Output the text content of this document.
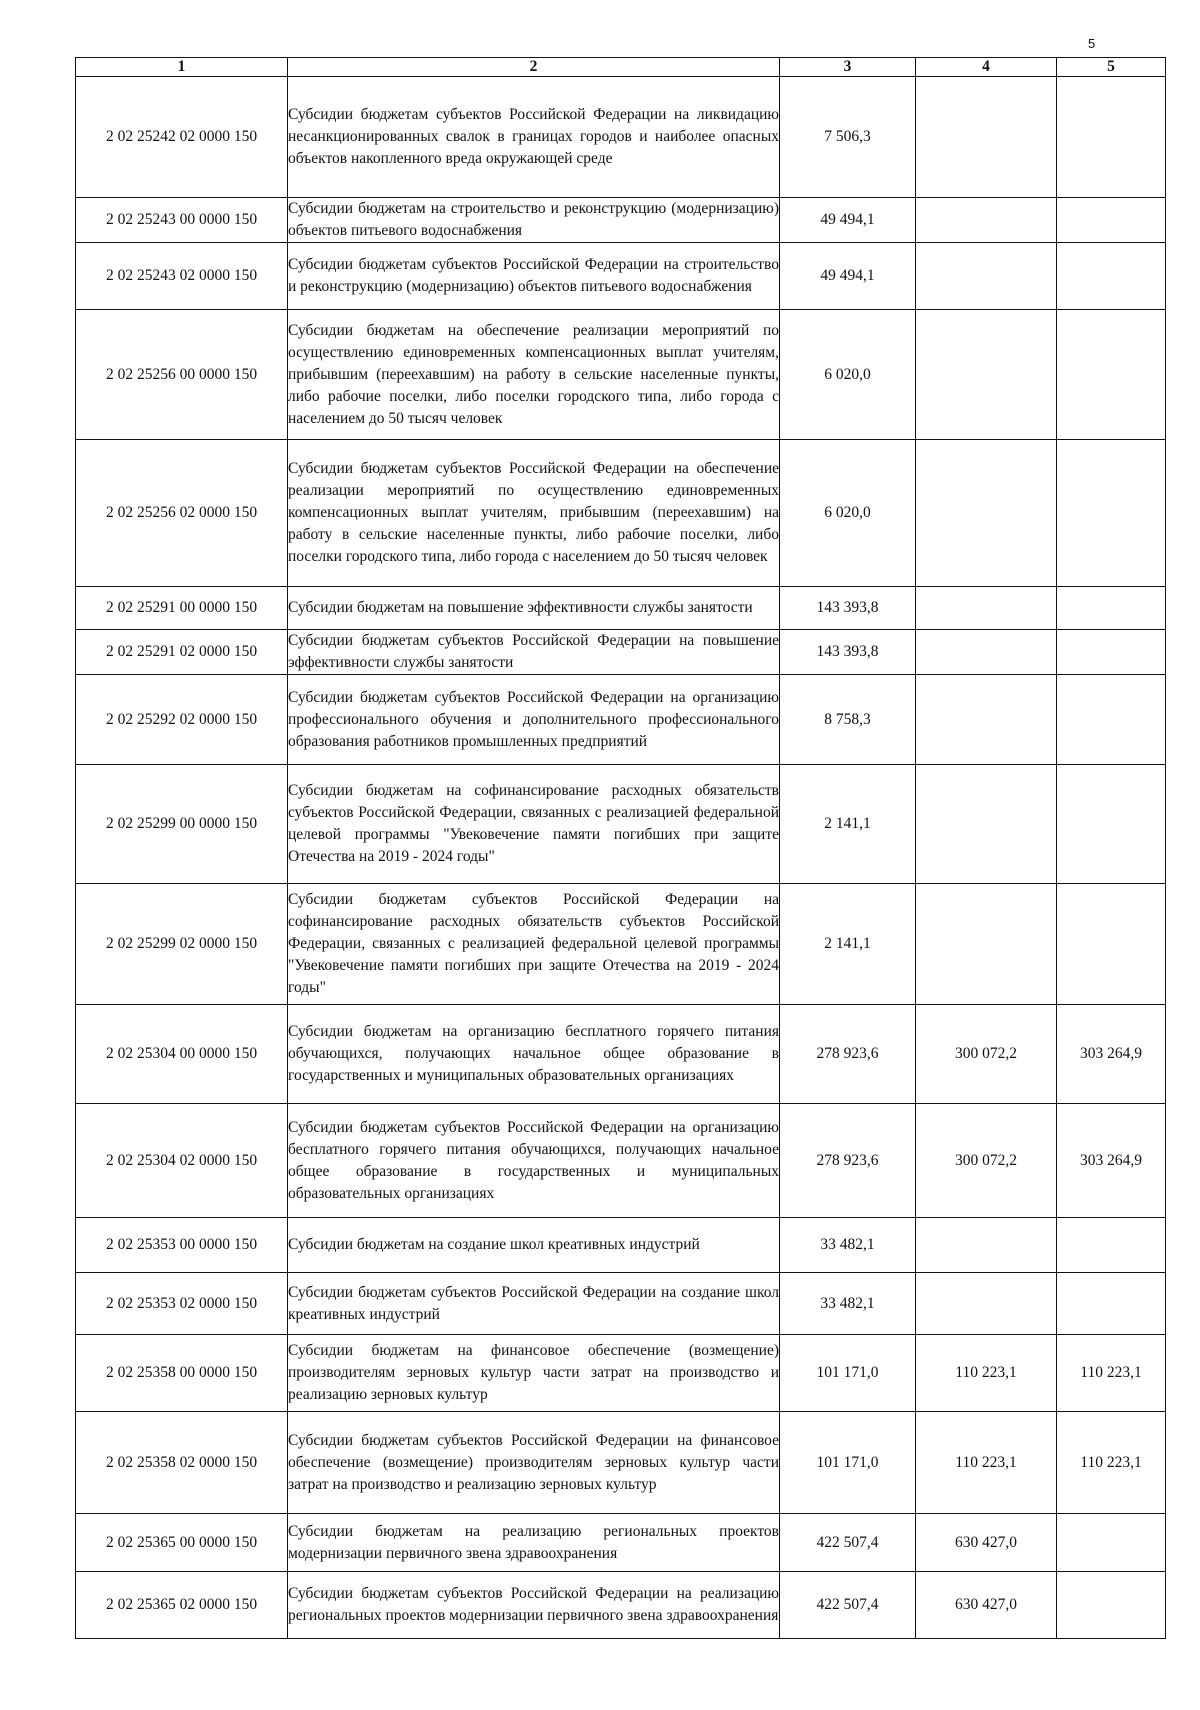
5
1	2	3	4	5
2 02 25242 02 0000 150	Субсидии бюджетам субъектов Российской Федерации на ликвидацию несанкционированных свалок в границах городов и наиболее опасных объектов накопленного вреда окружающей среде	7 506,3		
2 02 25243 00 0000 150	Субсидии бюджетам на строительство и реконструкцию (модернизацию) объектов питьевого водоснабжения	49 494,1		
2 02 25243 02 0000 150	Субсидии бюджетам субъектов Российской Федерации на строительство и реконструкцию (модернизацию) объектов питьевого водоснабжения	49 494,1		
2 02 25256 00 0000 150	Субсидии бюджетам на обеспечение реализации мероприятий по осуществлению единовременных компенсационных выплат учителям, прибывшим (переехавшим) на работу в сельские населенные пункты, либо рабочие поселки, либо поселки городского типа, либо города с населением до 50 тысяч человек	6 020,0		
2 02 25256 02 0000 150	Субсидии бюджетам субъектов Российской Федерации на обеспечение реализации мероприятий по осуществлению единовременных компенсационных выплат учителям, прибывшим (переехавшим) на работу в сельские населенные пункты, либо рабочие поселки, либо поселки городского типа, либо города с населением до 50 тысяч человек	6 020,0		
2 02 25291 00 0000 150	Субсидии бюджетам на повышение эффективности службы занятости	143 393,8		
2 02 25291 02 0000 150	Субсидии бюджетам субъектов Российской Федерации на повышение эффективности службы занятости	143 393,8		
2 02 25292 02 0000 150	Субсидии бюджетам субъектов Российской Федерации на организацию профессионального обучения и дополнительного профессионального образования работников промышленных предприятий	8 758,3		
2 02 25299 00 0000 150	Субсидии бюджетам на софинансирование расходных обязательств субъектов Российской Федерации, связанных с реализацией федеральной целевой программы "Увековечение памяти погибших при защите Отечества на 2019 - 2024 годы"	2 141,1		
2 02 25299 02 0000 150	Субсидии бюджетам субъектов Российской Федерации на софинансирование расходных обязательств субъектов Российской Федерации, связанных с реализацией федеральной целевой программы "Увековечение памяти погибших при защите Отечества на 2019 - 2024 годы"	2 141,1		
2 02 25304 00 0000 150	Субсидии бюджетам на организацию бесплатного горячего питания обучающихся, получающих начальное общее образование в государственных и муниципальных образовательных организациях	278 923,6	300 072,2	303 264,9
2 02 25304 02 0000 150	Субсидии бюджетам субъектов Российской Федерации на организацию бесплатного горячего питания обучающихся, получающих начальное общее образование в государственных и муниципальных образовательных организациях	278 923,6	300 072,2	303 264,9
2 02 25353 00 0000 150	Субсидии бюджетам на создание школ креативных индустрий	33 482,1		
2 02 25353 02 0000 150	Субсидии бюджетам субъектов Российской Федерации на создание школ креативных индустрий	33 482,1		
2 02 25358 00 0000 150	Субсидии бюджетам на финансовое обеспечение (возмещение) производителям зерновых культур части затрат на производство и реализацию зерновых культур	101 171,0	110 223,1	110 223,1
2 02 25358 02 0000 150	Субсидии бюджетам субъектов Российской Федерации на финансовое обеспечение (возмещение) производителям зерновых культур части затрат на производство и реализацию зерновых культур	101 171,0	110 223,1	110 223,1
2 02 25365 00 0000 150	Субсидии бюджетам на реализацию региональных проектов модернизации первичного звена здравоохранения	422 507,4	630 427,0	
2 02 25365 02 0000 150	Субсидии бюджетам субъектов Российской Федерации на реализацию региональных проектов модернизации первичного звена здравоохранения	422 507,4	630 427,0	
